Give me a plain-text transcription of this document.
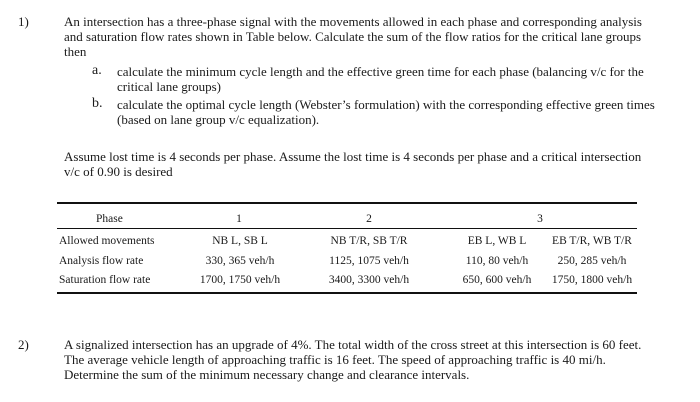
1)	An intersection has a three-phase signal with the movements allowed in each phase and corresponding analysis
and saturation flow rates shown in Table below. Calculate the sum of the flow ratios for the critical lane groups
then
a. calculate the minimum cycle length and the effective green time for each phase (balancing v/c for the
critical lane groups)
b. calculate the optimal cycle length (Webster’s formulation) with the corresponding effective green times
(based on lane group v/c equalization).
Assume lost time is 4 seconds per phase. Assume the lost time is 4 seconds per phase and a critical intersection
v/c of 0.90 is desired
Phase	1	2	3
Allowed movements	NB L, SB L	NB T/R, SB T/R	EB L, WB L	EB T/R, WB T/R
Analysis flow rate	330, 365 veh/h	1125, 1075 veh/h	110, 80 veh/h	250, 285 veh/h
Saturation flow rate	1700, 1750 veh/h	3400, 3300 veh/h	650, 600 veh/h	1750, 1800 veh/h
2)	A signalized intersection has an upgrade of 4%. The total width of the cross street at this intersection is 60 feet.
The average vehicle length of approaching traffic is 16 feet. The speed of approaching traffic is 40 mi/h.
Determine the sum of the minimum necessary change and clearance intervals.
